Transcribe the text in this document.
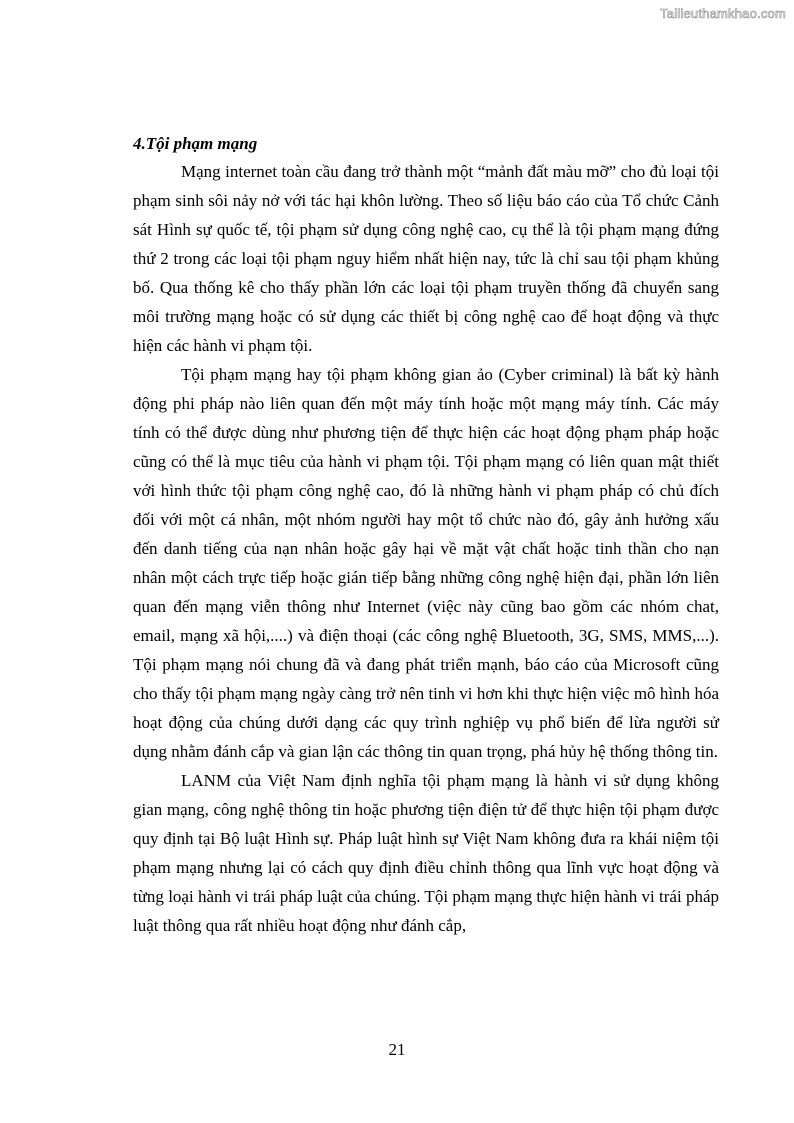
Tailieuthamkhao.com

4.Tội phạm mạng

Mạng internet toàn cầu đang trở thành một “mảnh đất màu mỡ” cho đủ loại tội phạm sinh sôi nảy nở với tác hại khôn lường. Theo số liệu báo cáo của Tổ chức Cảnh sát Hình sự quốc tế, tội phạm sử dụng công nghệ cao, cụ thể là tội phạm mạng đứng thứ 2 trong các loại tội phạm nguy hiểm nhất hiện nay, tức là chỉ sau tội phạm khủng bố. Qua thống kê cho thấy phần lớn các loại tội phạm truyền thống đã chuyển sang môi trường mạng hoặc có sử dụng các thiết bị công nghệ cao để hoạt động và thực hiện các hành vi phạm tội.

Tội phạm mạng hay tội phạm không gian ảo (Cyber criminal) là bất kỳ hành động phi pháp nào liên quan đến một máy tính hoặc một mạng máy tính. Các máy tính có thể được dùng như phương tiện để thực hiện các hoạt động phạm pháp hoặc cũng có thể là mục tiêu của hành vi phạm tội. Tội phạm mạng có liên quan mật thiết với hình thức tội phạm công nghệ cao, đó là những hành vi phạm pháp có chủ đích đối với một cá nhân, một nhóm người hay một tổ chức nào đó, gây ảnh hưởng xấu đến danh tiếng của nạn nhân hoặc gây hại về mặt vật chất hoặc tinh thần cho nạn nhân một cách trực tiếp hoặc gián tiếp bằng những công nghệ hiện đại, phần lớn liên quan đến mạng viễn thông như Internet (việc này cũng bao gồm các nhóm chat, email, mạng xã hội,....) và điện thoại (các công nghệ Bluetooth, 3G, SMS, MMS,...). Tội phạm mạng nói chung đã và đang phát triển mạnh, báo cáo của Microsoft cũng cho thấy tội phạm mạng ngày càng trở nên tinh vi hơn khi thực hiện việc mô hình hóa hoạt động của chúng dưới dạng các quy trình nghiệp vụ phổ biến để lừa người sử dụng nhằm đánh cắp và gian lận các thông tin quan trọng, phá hủy hệ thống thông tin.

LANM của Việt Nam định nghĩa tội phạm mạng là hành vi sử dụng không gian mạng, công nghệ thông tin hoặc phương tiện điện tử để thực hiện tội phạm được quy định tại Bộ luật Hình sự. Pháp luật hình sự Việt Nam không đưa ra khái niệm tội phạm mạng nhưng lại có cách quy định điều chỉnh thông qua lĩnh vực hoạt động và từng loại hành vi trái pháp luật của chúng. Tội phạm mạng thực hiện hành vi trái pháp luật thông qua rất nhiều hoạt động như đánh cắp,

21
